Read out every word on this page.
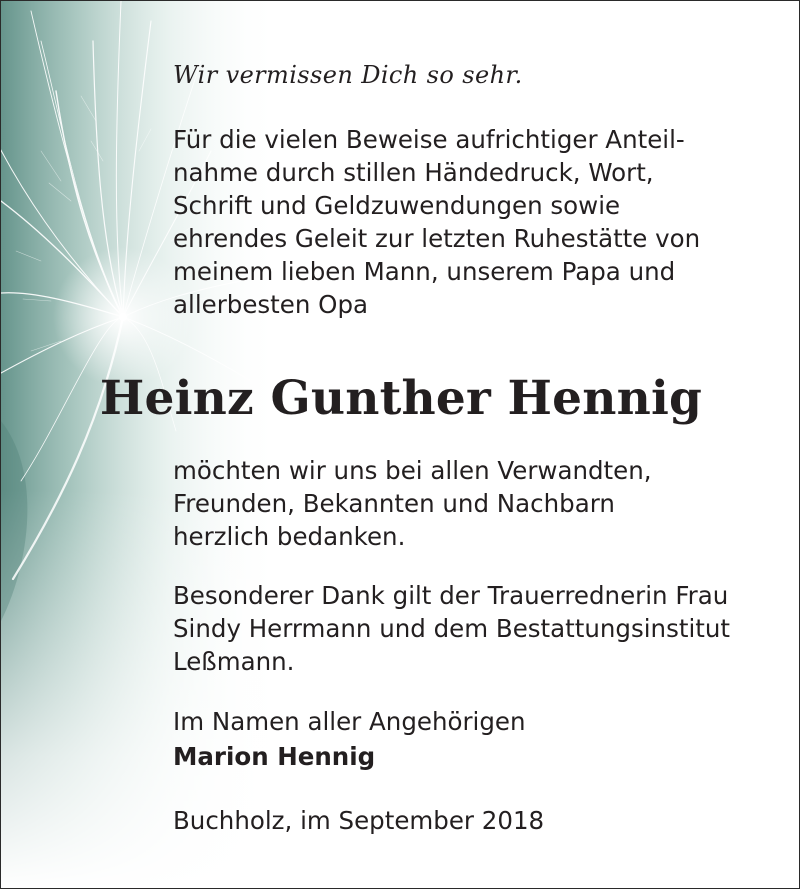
Wir vermissen Dich so sehr.

Für die vielen Beweise aufrichtiger Anteil-
nahme durch stillen Händedruck, Wort,
Schrift und Geldzuwendungen sowie
ehrendes Geleit zur letzten Ruhestätte von
meinem lieben Mann, unserem Papa und
allerbesten Opa

Heinz Gunther Hennig

möchten wir uns bei allen Verwandten,
Freunden, Bekannten und Nachbarn
herzlich bedanken.

Besonderer Dank gilt der Trauerrednerin Frau
Sindy Herrmann und dem Bestattungsinstitut
Leßmann.

Im Namen aller Angehörigen

Marion Hennig

Buchholz, im September 2018
